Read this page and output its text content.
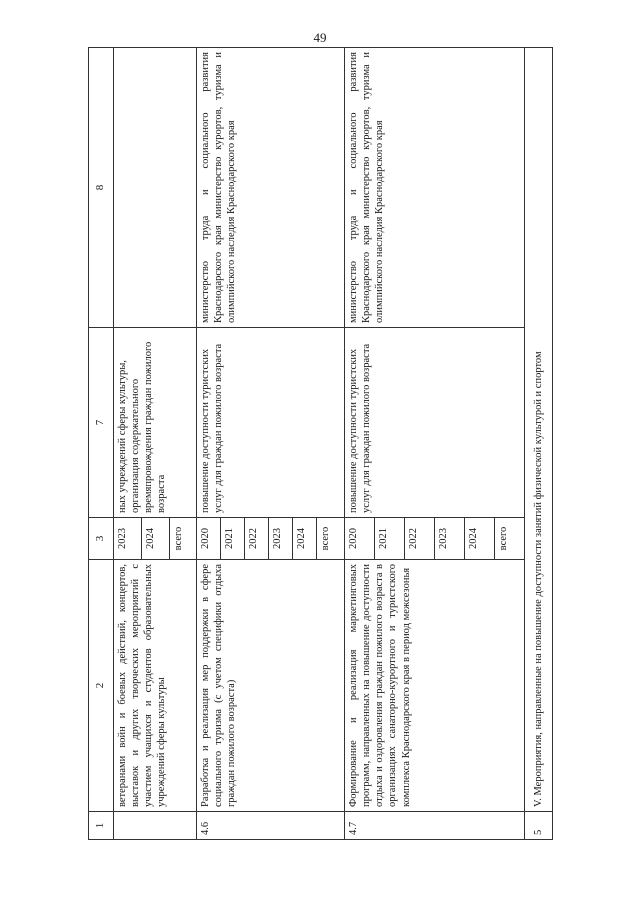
49
1	2	3	7	8
	ветеранами войн и боевых действий, концертов, выставок и других творческих мероприятий с участием учащихся и студентов образовательных учреждений сферы культуры	2023	ных учреждений сферы культуры, организация содержательного времяпровождения граждан пожилого возраста	
		2024		
		всего		
4.6	Разработка и реализация мер поддержки в сфере социального туризма (с учетом специфики отдыха граждан пожилого возраста)	2020	повышение доступности туристских услуг для граждан пожилого возраста	министерство труда и социального развития Краснодарского края министерство курортов, туризма и олимпийского наследия Краснодарского края
		2021		
		2022		
		2023		
		2024		
		всего		
4.7	Формирование и реализация маркетинговых программ, направленных на повышение доступности отдыха и оздоровления граждан пожилого возраста в организациях санаторно-курортного и туристского комплекса Краснодарского края в период межсезонья	2020	повышение доступности туристских услуг для граждан пожилого возраста	министерство труда и социального развития Краснодарского края министерство курортов, туризма и олимпийского наследия Краснодарского края
		2021		
		2022		
		2023		
		2024		
		всего		
5	V. Мероприятия, направленные на повышение доступности занятий физической культурой и спортом			
